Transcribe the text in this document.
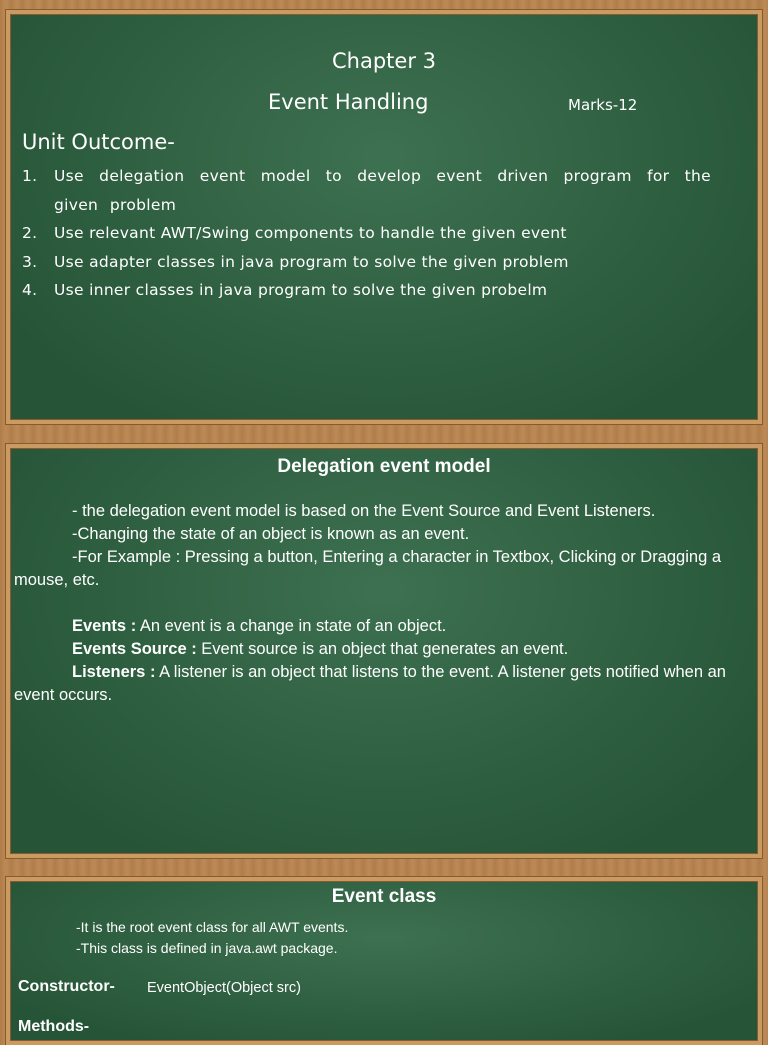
Chapter 3
Event Handling	Marks-12
Unit Outcome-
1.	Use delegation event model to develop event driven program for the given problem
2.	Use relevant AWT/Swing components to handle the given event
3.	Use adapter classes in java program to solve the given problem
4.	Use inner classes in java program to solve the given probelm
Delegation event model

- the delegation event model is based on the Event Source and Event Listeners.

-Changing the state of an object is known as an event.

-For Example : Pressing a button, Entering a character in Textbox, Clicking or Dragging a mouse, etc.

Events : An event is a change in state of an object.

Events Source : Event source is an object that generates an event.

Listeners : A listener is an object that listens to the event. A listener gets notified when an event occurs.

Event class
-It is the root event class for all AWT events.
-This class is defined in java.awt package.
Constructor- EventObject(Object src)
Methods-
